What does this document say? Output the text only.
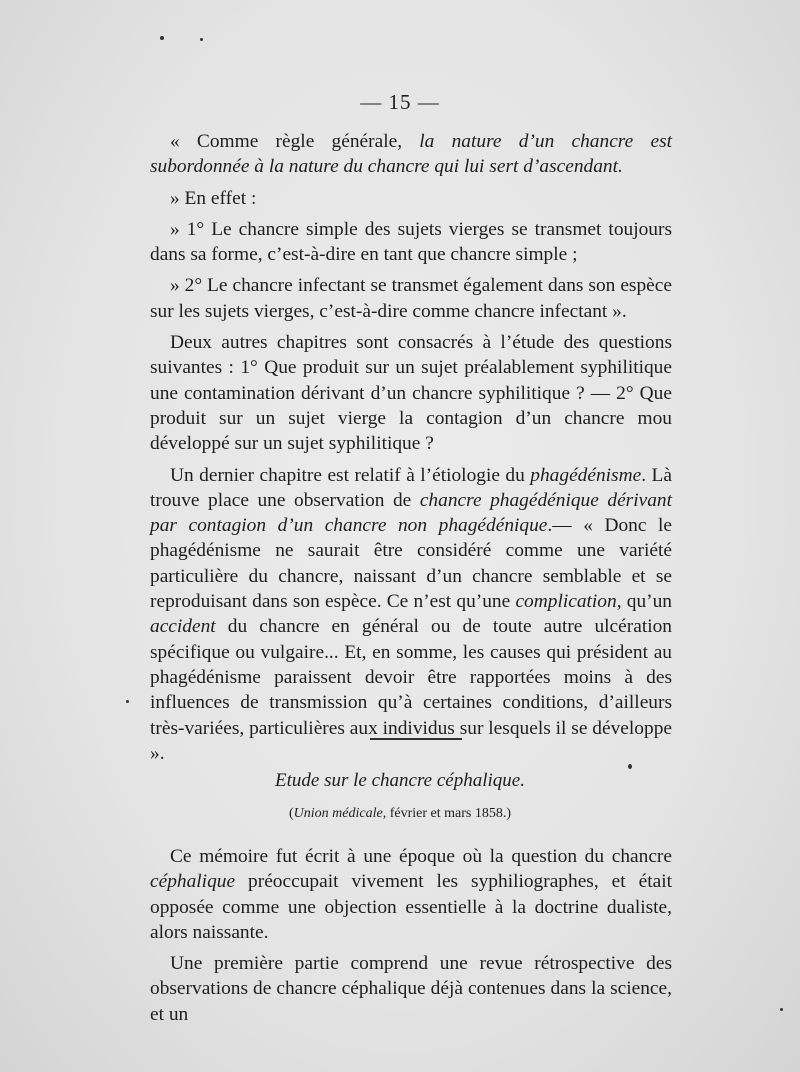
— 15 —

« Comme règle générale, la nature d’un chancre est subordonnée à la nature du chancre qui lui sert d’ascendant.

» En effet :

» 1° Le chancre simple des sujets vierges se transmet toujours dans sa forme, c’est-à-dire en tant que chancre simple ;

» 2° Le chancre infectant se transmet également dans son espèce sur les sujets vierges, c’est-à-dire comme chancre infectant ».

Deux autres chapitres sont consacrés à l’étude des questions suivantes : 1° Que produit sur un sujet préalablement syphilitique une contamination dérivant d’un chancre syphilitique ? — 2° Que produit sur un sujet vierge la contagion d’un chancre mou développé sur un sujet syphilitique ?

Un dernier chapitre est relatif à l’étiologie du phagédénisme. Là trouve place une observation de chancre phagédénique dérivant par contagion d’un chancre non phagédénique.— « Donc le phagédénisme ne saurait être considéré comme une variété particulière du chancre, naissant d’un chancre semblable et se reproduisant dans son espèce. Ce n’est qu’une complication, qu’un accident du chancre en général ou de toute autre ulcération spécifique ou vulgaire... Et, en somme, les causes qui président au phagédénisme paraissent devoir être rapportées moins à des influences de transmission qu’à certaines conditions, d’ailleurs très-variées, particulières aux individus sur lesquels il se développe ».

Etude sur le chancre céphalique.
(Union médicale, février et mars 1858.)

Ce mémoire fut écrit à une époque où la question du chancre céphalique préoccupait vivement les syphiliographes, et était opposée comme une objection essentielle à la doctrine dualiste, alors naissante.

Une première partie comprend une revue rétrospective des observations de chancre céphalique déjà contenues dans la science, et un
